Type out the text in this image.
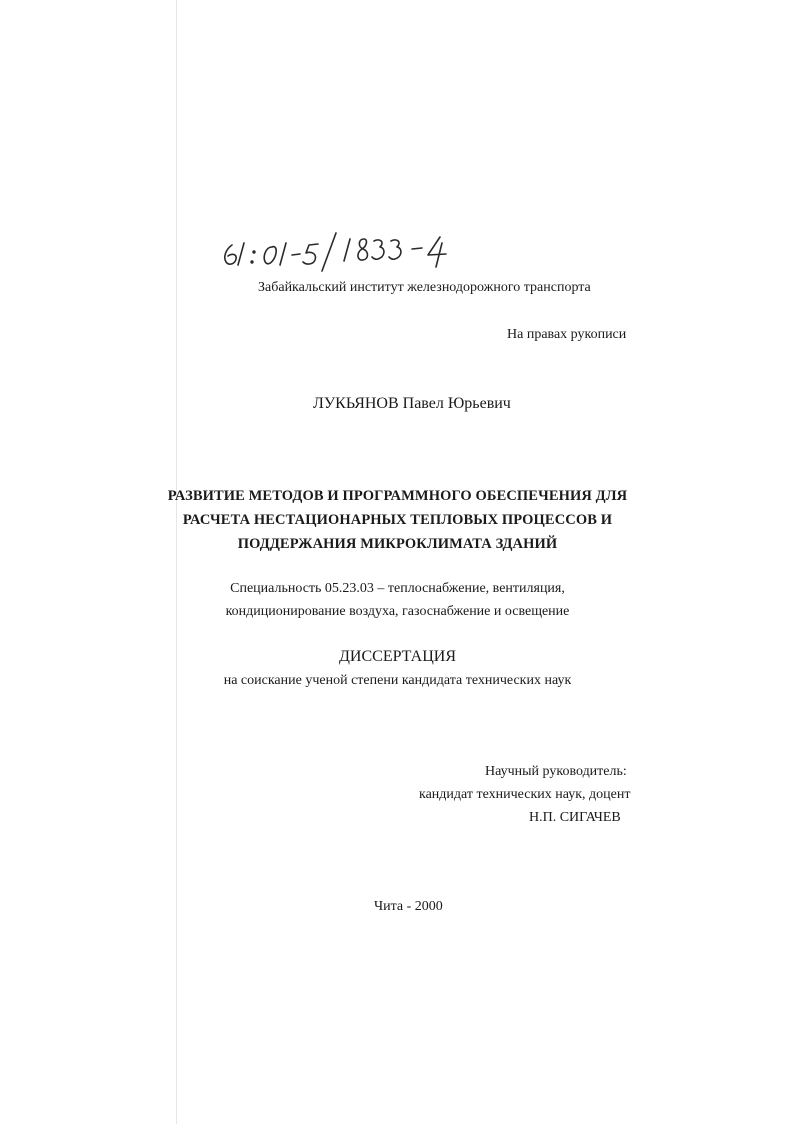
Забайкальский институт железнодорожного транспорта
На правах рукописи
ЛУКЬЯНОВ Павел Юрьевич
РАЗВИТИЕ МЕТОДОВ И ПРОГРАММНОГО ОБЕСПЕЧЕНИЯ ДЛЯ
РАСЧЕТА НЕСТАЦИОНАРНЫХ ТЕПЛОВЫХ ПРОЦЕССОВ И
ПОДДЕРЖАНИЯ МИКРОКЛИМАТА ЗДАНИЙ
Специальность 05.23.03 – теплоснабжение, вентиляция,
кондиционирование воздуха, газоснабжение и освещение
ДИССЕРТАЦИЯ
на соискание ученой степени кандидата технических наук
Научный руководитель:
кандидат технических наук, доцент
Н.П. СИГАЧЕВ
Чита - 2000
